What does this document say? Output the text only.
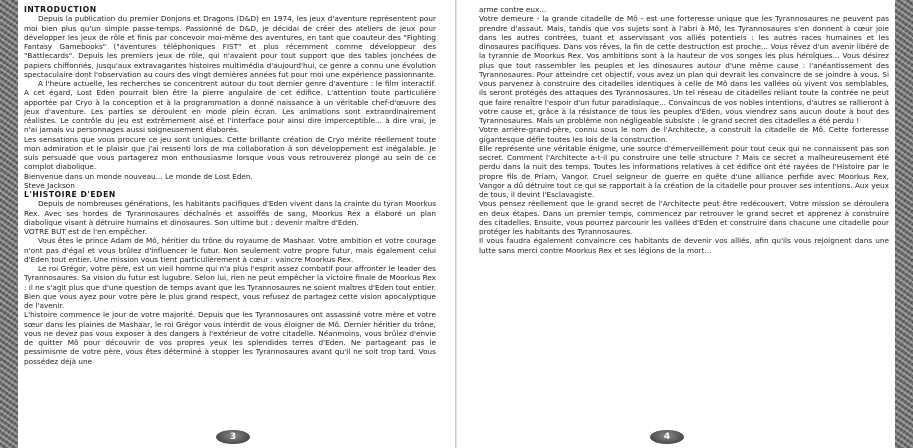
INTRODUCTION

Depuis la publication du premier Donjons et Dragons (D&D) en 1974, les jeux d'aventure représentent pour moi bien plus qu'un simple passe-temps. Passionné de D&D, je décidai de créer des ateliers de jeux pour développer les jeux de rôle et finis par concevoir moi-même des aventures, en tant que coauteur des "Fighting Fantasy Gamebooks" ("aventures téléphoniques FIST" et plus récemment comme développeur des "Battlecards". Depuis les premiers jeux de rôle, qui n'avaient pour tout support que des tables jonchées de papiers chiffonnés, jusqu'aux extravagantes histoires multimédia d'aujourd'hui, ce genre a connu une évolution spectaculaire dont l'observation au cours des vingt dernières années fut pour moi une expérience passionnante.

A l'heure actuelle, les recherches se concentrent autour du tout dernier genre d'aventure : le film interactif. A cet égard, Lost Eden pourrait bien être la pierre angulaire de cet édifice. L'attention toute particulière apportée par Cryo à la conception et à la programmation a donné naissance à un véritable chef-d'œuvre des jeux d'aventure. Les parties se déroulent en mode plein écran. Les animations sont extraordinairement réalistes. Le contrôle du jeu est extrêmement aisé et l'interface pour ainsi dire imperceptible... à dire vrai, je n'ai jamais vu personnages aussi soigneusement élaborés.

Les sensations que vous procure ce jeu sont uniques. Cette brillante création de Cryo mérite réellement toute mon admiration et le plaisir que j'ai ressenti lors de ma collaboration à son développement est inégalable. Je suis persuadé que vous partagerez mon enthousiasme lorsque vous vous retrouverez plongé au sein de ce complot diabolique.

Bienvenue dans un monde nouveau... Le monde de Lost Eden.

Steve Jackson

L'HISTOIRE D'EDEN

Depuis de nombreuses générations, les habitants pacifiques d'Eden vivent dans la crainte du tyran Moorkus Rex. Avec ses hordes de Tyrannosaures déchaînés et assoiffés de sang, Moorkus Rex a élaboré un plan diabolique visant à détruire humains et dinosaures. Son ultime but : devenir maître d'Eden.

VOTRE BUT est de l'en empêcher.

Vous êtes le prince Adam de Mô, héritier du trône du royaume de Mashaar. Votre ambition et votre courage n'ont pas d'égal et vous brûlez d'influencer le futur. Non seulement votre propre futur, mais également celui d'Eden tout entier. Une mission vous tient particulièrement à cœur : vaincre Moorkus Rex.

Le roi Grégor, votre père, est un vieil homme qui n'a plus l'esprit assez combatif pour affronter le leader des Tyrannosaures. Sa vision du futur est lugubre. Selon lui, rien ne peut empêcher la victoire finale de Moorkus Rex : il ne s'agit plus que d'une question de temps avant que les Tyrannosaures ne soient maîtres d'Eden tout entier. Bien que vous ayez pour votre père le plus grand respect, vous refusez de partagez cette vision apocalyptique de l'avenir.

L'histoire commence le jour de votre majorité. Depuis que les Tyrannosaures ont assassiné votre mère et votre sœur dans les plaines de Mashaar, le roi Grégor vous interdit de vous éloigner de Mô. Dernier héritier du trône, vous ne devez pas vous exposer à des dangers à l'extérieur de votre citadelle. Néanmoins, vous brûlez d'envie de quitter Mô pour découvrir de vos propres yeux les splendides terres d'Eden. Ne partageant pas le pessimisme de votre père, vous êtes déterminé à stopper les Tyrannosaures avant qu'il ne soit trop tard. Vous possédez déjà une

3

arme contre eux...

Votre demeure - la grande citadelle de Mô - est une forteresse unique que les Tyrannosaures ne peuvent pas prendre d'assaut. Mais, tandis que vos sujets sont à l'abri à Mô, les Tyrannosaures s'en donnent à cœur joie dans les autres contrées, tuant et asservissant vos alliés potentiels : les autres races humaines et les dinosaures pacifiques. Dans vos rêves, la fin de cette destruction est proche... Vous rêvez d'un avenir libéré de la tyrannie de Moorkus Rex. Vos ambitions sont à la hauteur de vos songes les plus héroïques... Vous désirez plus que tout rassembler les peuples et les dinosaures autour d'une même cause : l'anéantissement des Tyrannosaures. Pour atteindre cet objectif, vous avez un plan qui devrait les convaincre de se joindre à vous. Si vous parvenez à construire des citadelles identiques à celle de Mô dans les vallées où vivent vos semblables, ils seront protégés des attaques des Tyrannosaures. Un tel réseau de citadelles reliant toute la contrée ne peut que faire renaître l'espoir d'un futur paradisiaque... Convaincus de vos nobles intentions, d'autres se rallieront à votre cause et, grâce à la résistance de tous les peuples d'Eden, vous viendrez sans aucun doute à bout des Tyrannosaures. Mais un problème non négligeable subsiste : le grand secret des citadelles a été perdu !

Votre arrière-grand-père, connu sous le nom de l'Architecte, a construit la citadelle de Mô. Cette forteresse gigantesque défie toutes les lois de la construction.

Elle représente une véritable énigme, une source d'émerveillement pour tout ceux qui ne connaissent pas son secret. Comment l'Architecte a-t-il pu construire une telle structure ? Mais ce secret a malheureusement été perdu dans la nuit des temps. Toutes les informations relatives à cet édifice ont été rayées de l'Histoire par le propre fils de Priam, Vangor. Cruel seigneur de guerre en quête d'une alliance perfide avec Moorkus Rex, Vangor a dû détruire tout ce qui se rapportait à la création de la citadelle pour prouver ses intentions. Aux yeux de tous, il devint l'Esclavagiste.

Vous pensez réellement que le grand secret de l'Architecte peut être redécouvert. Votre mission se déroulera en deux étapes. Dans un premier temps, commencez par retrouver le grand secret et apprenez à construire des citadelles. Ensuite, vous pourrez parcourir les vallées d'Eden et construire dans chacune une citadelle pour protéger les habitants des Tyrannosaures.

Il vous faudra également convaincre ces habitants de devenir vos alliés, afin qu'ils vous rejoignent dans une lutte sans merci contre Moorkus Rex et ses légions de la mort...

4
